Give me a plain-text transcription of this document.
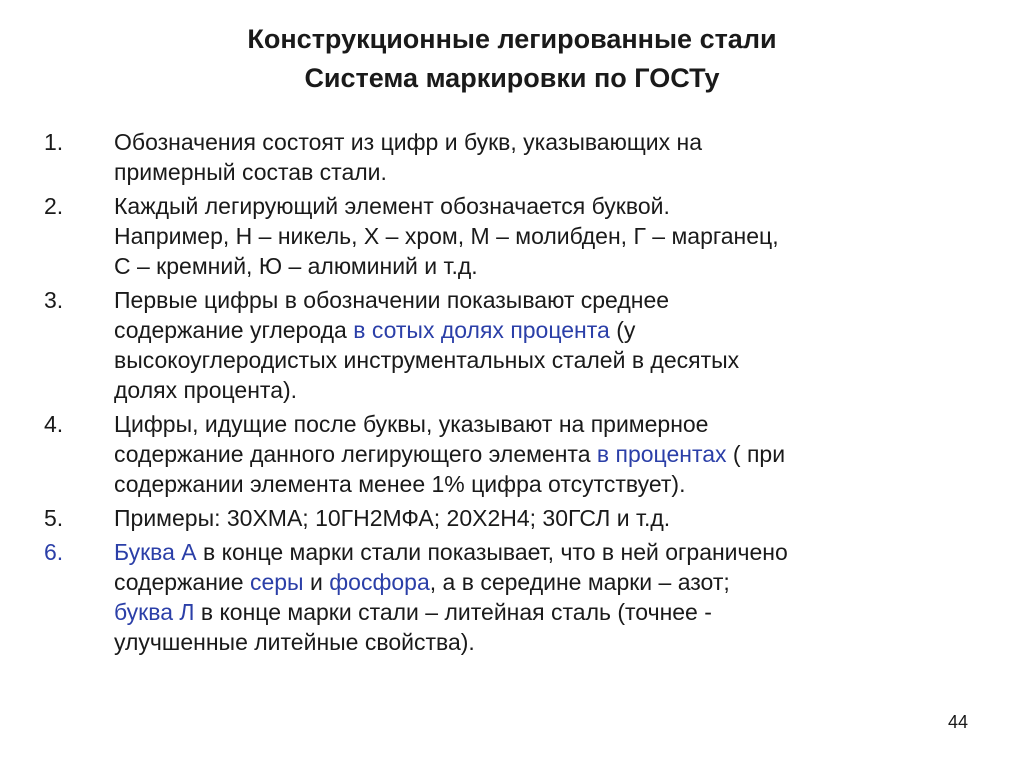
Конструкционные легированные стали
Система маркировки по ГОСТу
1.	Обозначения состоят из цифр и букв, указывающих на
примерный состав стали.
2.	Каждый легирующий элемент обозначается буквой.
Например, Н – никель, Х – хром, М – молибден, Г – марганец,
С – кремний, Ю – алюминий и т.д.
3.	Первые цифры в обозначении показывают среднее
содержание углерода в сотых долях процента (у
высокоуглеродистых инструментальных сталей в десятых
долях процента).
4.	Цифры, идущие после буквы, указывают на примерное
содержание данного легирующего элемента в процентах ( при
содержании элемента менее 1% цифра отсутствует).
5.	Примеры: 30ХМА; 10ГН2МФА; 20Х2Н4; 30ГСЛ и т.д.
6.	Буква А в конце марки стали показывает, что в ней ограничено
содержание серы и фосфора, а в середине марки – азот;
буква Л в конце марки стали – литейная сталь (точнее -
улучшенные литейные свойства).
44
